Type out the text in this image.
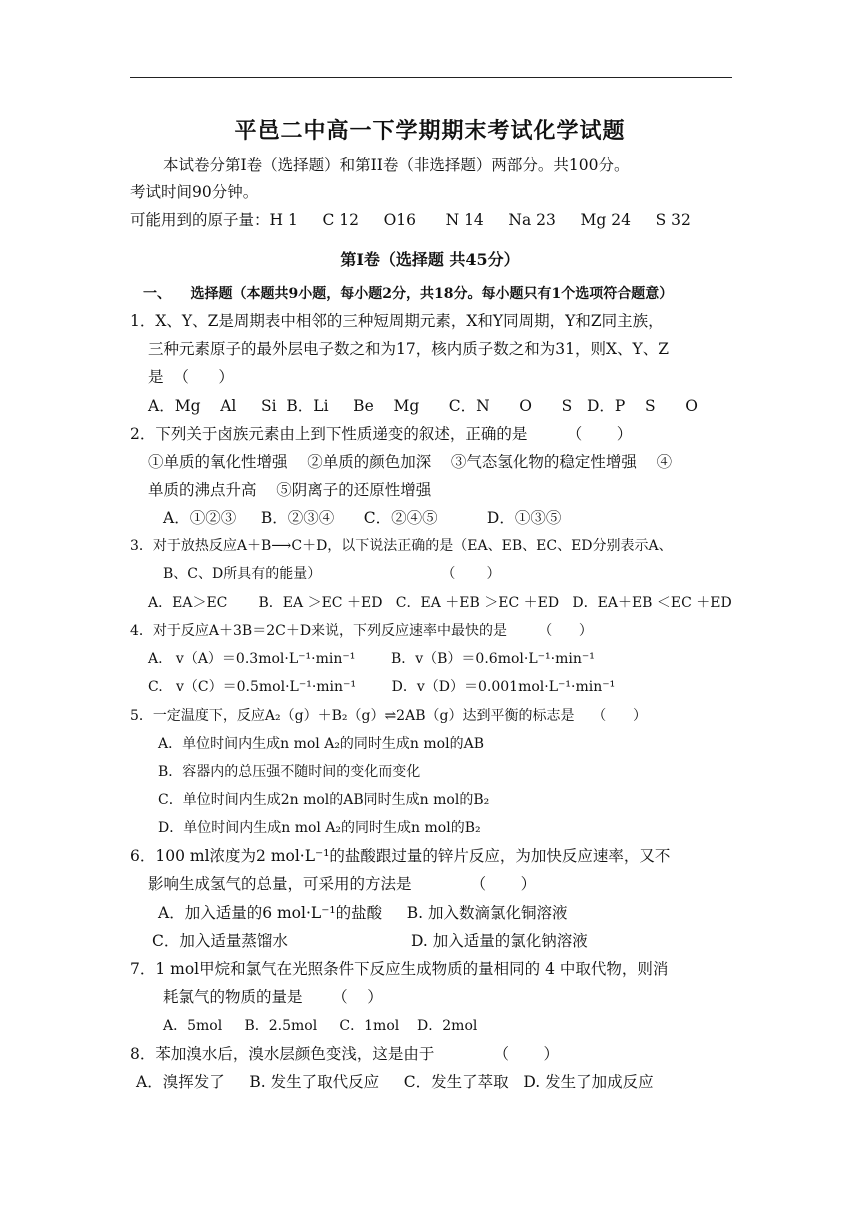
平邑二中高一下学期期末考试化学试题
本试卷分第Ⅰ卷（选择题）和第II卷（非选择题）两部分。共100分。
考试时间90分钟。
可能用到的原子量：H 1     C 12     O16      N 14     Na 23     Mg 24     S 32
第Ⅰ卷（选择题 共45分）
一、    选择题（本题共9小题，每小题2分，共18分。每小题只有1个选项符合题意）
1．X、Y、Z是周期表中相邻的三种短周期元素，X和Y同周期，Y和Z同主族，
三种元素原子的最外层电子数之和为17，核内质子数之和为31，则X、Y、Z
是  （      ）
A．Mg    Al     Si  B．Li     Be    Mg      C．N      O      S   D．P    S      O
2．下列关于卤族元素由上到下性质递变的叙述，正确的是        （       ）
①单质的氧化性增强    ②单质的颜色加深    ③气态氢化物的稳定性增强    ④
单质的沸点升高    ⑤阴离子的还原性增强
A．①②③     B．②③④      C．②④⑤          D．①③⑤
3．对于放热反应A＋B⟶C＋D，以下说法正确的是（EA、EB、EC、ED分别表示A、
B、C、D所具有的能量）                           （       ）
A．EA＞EC       B．EA ＞EC ＋ED   C．EA ＋EB ＞EC ＋ED   D．EA＋EB ＜EC ＋ED
4．对于反应A＋3B＝2C＋D来说，下列反应速率中最快的是       （      ）
A.   v（A）＝0.3mol·L⁻¹·min⁻¹        B．v（B）＝0.6mol·L⁻¹·min⁻¹
C.   v（C）＝0.5mol·L⁻¹·min⁻¹        D．v（D）＝0.001mol·L⁻¹·min⁻¹
5．一定温度下，反应A₂（g）＋B₂（g）⇌2AB（g）达到平衡的标志是    （      ）
A．单位时间内生成n mol A₂的同时生成n mol的AB
B．容器内的总压强不随时间的变化而变化
C．单位时间内生成2n mol的AB同时生成n mol的B₂
D．单位时间内生成n mol A₂的同时生成n mol的B₂
6．100 ml浓度为2 mol·L⁻¹的盐酸跟过量的锌片反应，为加快反应速率，又不
影响生成氢气的总量，可采用的方法是            （       ）
A．加入适量的6 mol·L⁻¹的盐酸     B. 加入数滴氯化铜溶液
C．加入适量蒸馏水                         D. 加入适量的氯化钠溶液
7．1 mol甲烷和氯气在光照条件下反应生成物质的量相同的 4 中取代物，则消
耗氯气的物质的量是      （    ）
A．5mol     B．2.5mol     C．1mol    D．2mol
8．苯加溴水后，溴水层颜色变浅，这是由于            （       ）
A．溴挥发了     B. 发生了取代反应     C．发生了萃取   D. 发生了加成反应
